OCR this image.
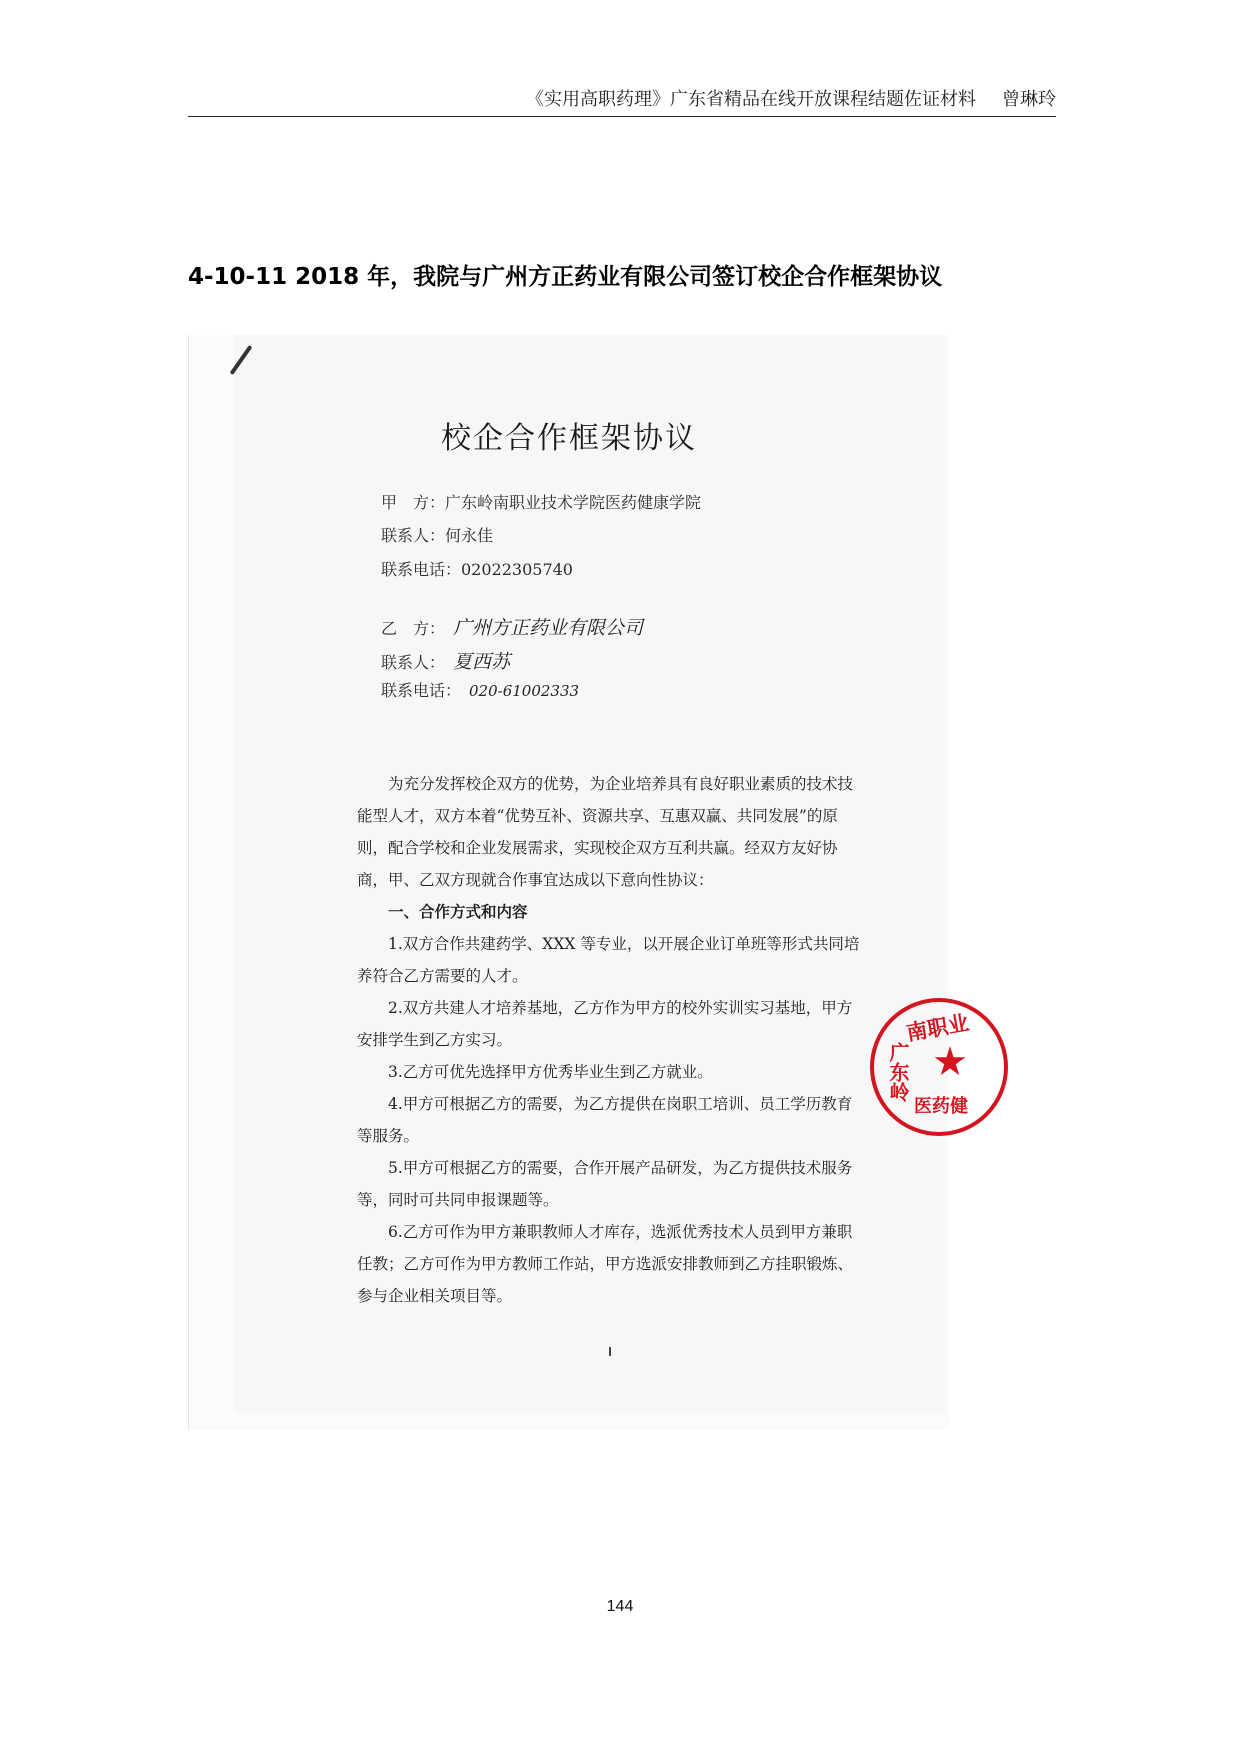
《实用高职药理》广东省精品在线开放课程结题佐证材料 曾琳玲
4-10-11 2018 年，我院与广州方正药业有限公司签订校企合作框架协议
校企合作框架协议
甲　方：广东岭南职业技术学院医药健康学院
联系人：何永佳
联系电话：02022305740
乙　方： 广州方正药业有限公司
联系人： 夏西苏
联系电话： 020-61002333

为充分发挥校企双方的优势，为企业培养具有良好职业素质的技术技能型人才，双方本着“优势互补、资源共享、互惠双赢、共同发展”的原则，配合学校和企业发展需求，实现校企双方互利共赢。经双方友好协商，甲、乙双方现就合作事宜达成以下意向性协议：

一、合作方式和内容

1.双方合作共建药学、XXX 等专业，以开展企业订单班等形式共同培养符合乙方需要的人才。

2.双方共建人才培养基地，乙方作为甲方的校外实训实习基地，甲方安排学生到乙方实习。

3.乙方可优先选择甲方优秀毕业生到乙方就业。

4.甲方可根据乙方的需要，为乙方提供在岗职工培训、员工学历教育等服务。

5.甲方可根据乙方的需要，合作开展产品研发，为乙方提供技术服务等，同时可共同申报课题等。

6.乙方可作为甲方兼职教师人才库存，选派优秀技术人员到甲方兼职任教；乙方可作为甲方教师工作站，甲方选派安排教师到乙方挂职锻炼、参与企业相关项目等。

南职业
广东岭
医药健
144
